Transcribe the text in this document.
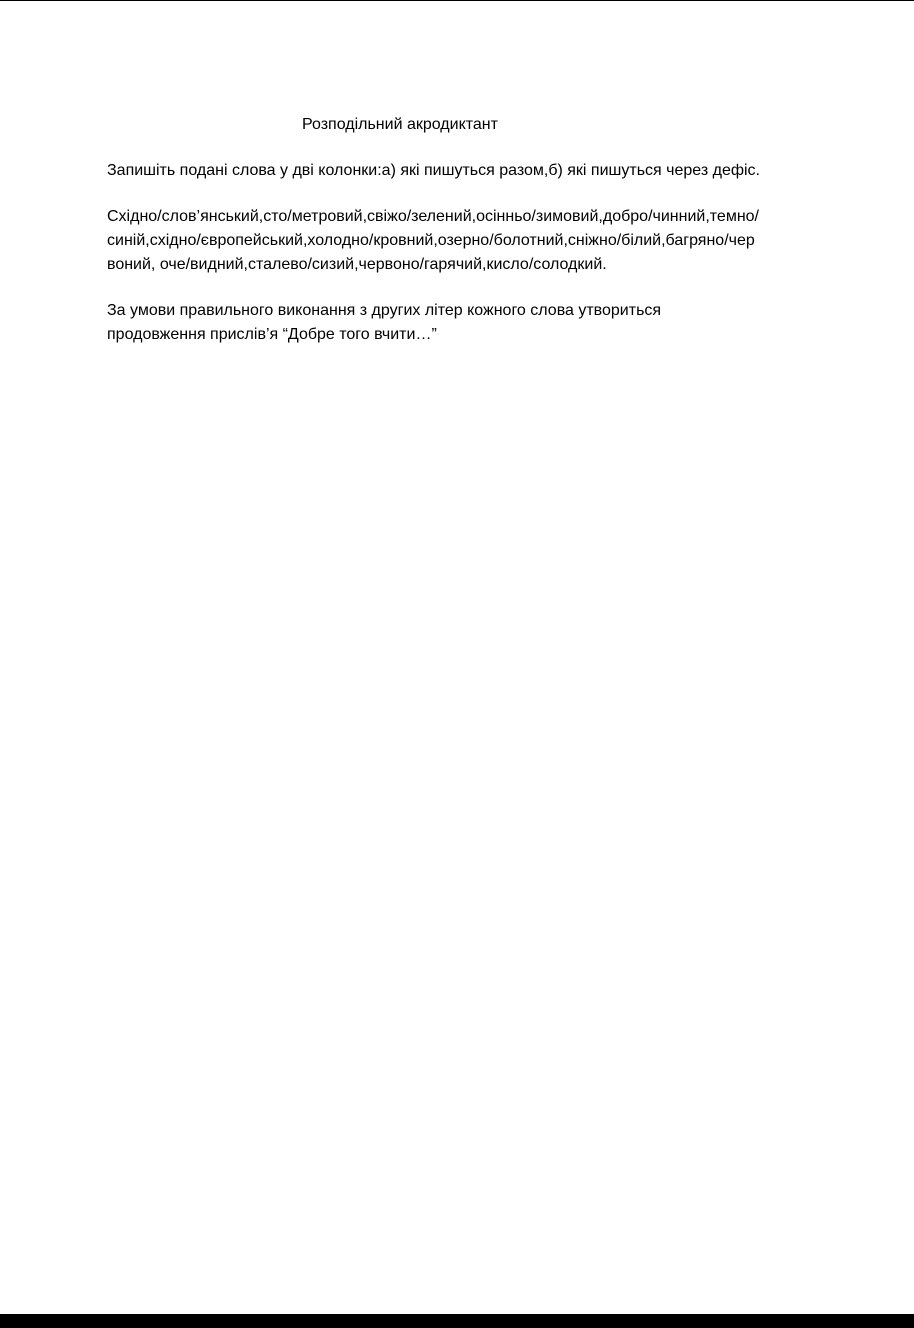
Розподільний акродиктант

Запишіть подані слова у дві колонки:а) які пишуться разом,б) які пишуться через дефіс.

Східно/слов’янський,сто/метровий,свіжо/зелений,осінньо/зимовий,добро/чинний,темно/
синій,східно/європейський,холодно/кровний,озерно/болотний,сніжно/білий,багряно/чер
воний, оче/видний,сталево/сизий,червоно/гарячий,кисло/солодкий.

За умови правильного виконання з других літер кожного слова утвориться
продовження прислів’я “Добре того вчити…”
